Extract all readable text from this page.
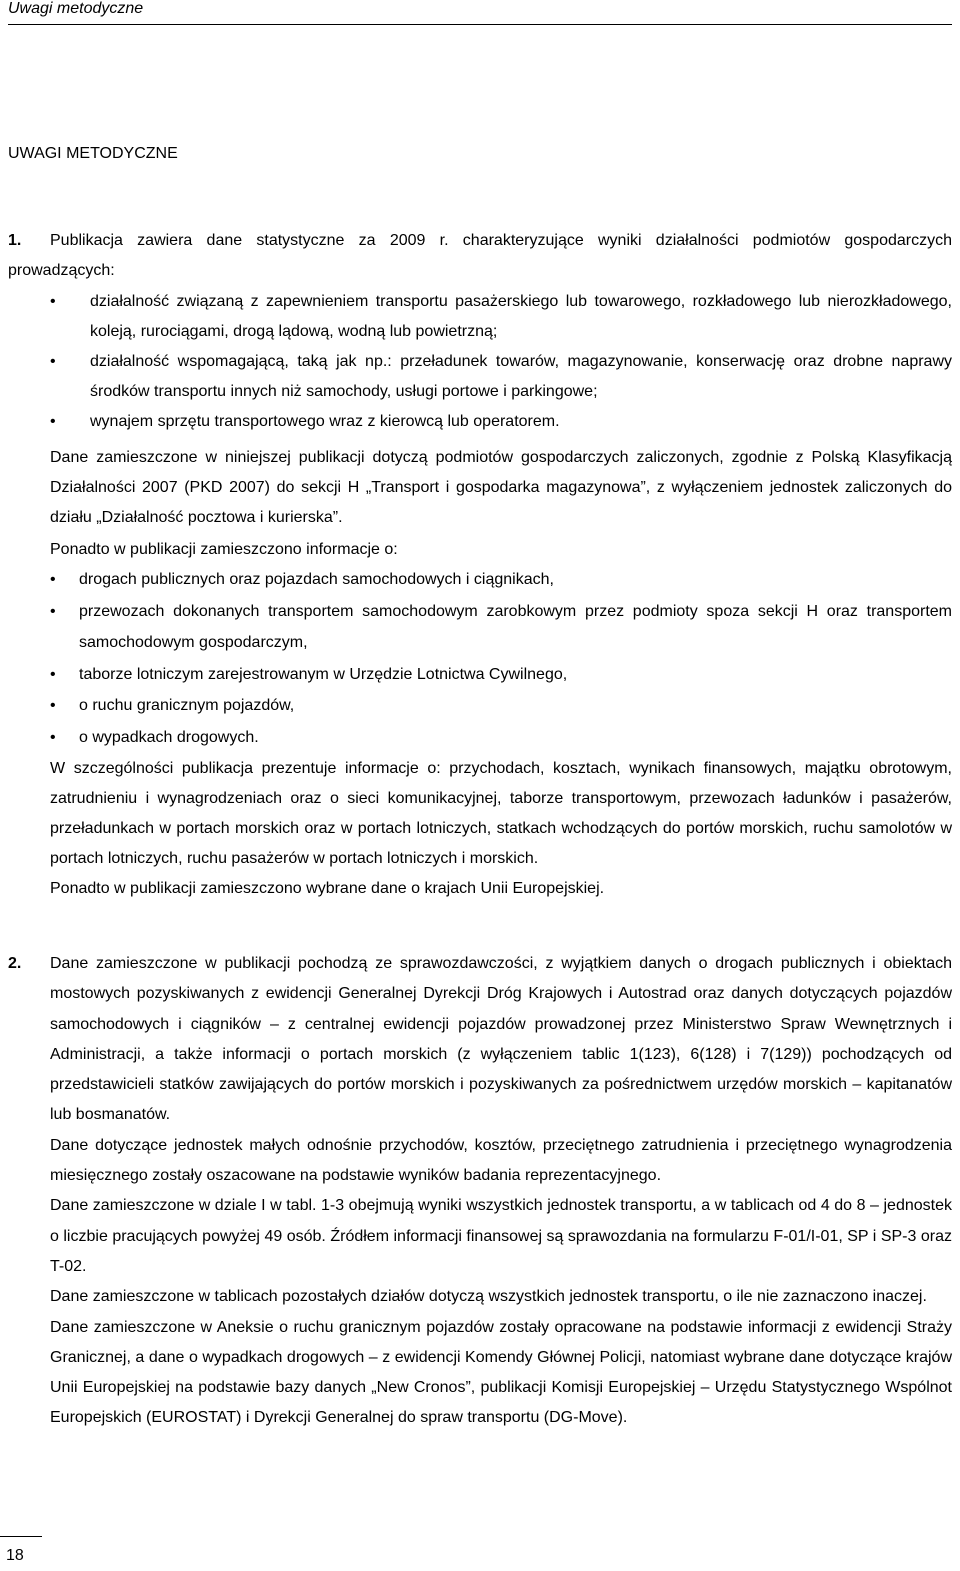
Uwagi metodyczne
UWAGI METODYCZNE
1.	Publikacja zawiera dane statystyczne za 2009 r. charakteryzujące wyniki działalności podmiotów gospodarczych prowadzących:

• działalność związaną z zapewnieniem transportu pasażerskiego lub towarowego, rozkładowego lub nierozkładowego, koleją, rurociągami, drogą lądową, wodną lub powietrzną;

• działalność wspomagającą, taką jak np.: przeładunek towarów, magazynowanie, konserwację oraz drobne naprawy środków transportu innych niż samochody, usługi portowe i parkingowe;

• wynajem sprzętu transportowego wraz z kierowcą lub operatorem.

Dane zamieszczone w niniejszej publikacji dotyczą podmiotów gospodarczych zaliczonych, zgodnie z Polską Klasyfikacją Działalności 2007 (PKD 2007) do sekcji H „Transport i gospodarka magazynowa”, z wyłączeniem jednostek zaliczonych do działu „Działalność pocztowa i kurierska”.

Ponadto w publikacji zamieszczono informacje o:

• drogach publicznych oraz pojazdach samochodowych i ciągnikach,

• przewozach dokonanych transportem samochodowym zarobkowym przez podmioty spoza sekcji H oraz transportem samochodowym gospodarczym,

• taborze lotniczym zarejestrowanym w Urzędzie Lotnictwa Cywilnego,

• o ruchu granicznym pojazdów,

• o wypadkach drogowych.

W szczególności publikacja prezentuje informacje o: przychodach, kosztach, wynikach finansowych, majątku obrotowym, zatrudnieniu i wynagrodzeniach oraz o sieci komunikacyjnej, taborze transportowym, przewozach ładunków i pasażerów, przeładunkach w portach morskich oraz w portach lotniczych, statkach wchodzących do portów morskich, ruchu samolotów w portach lotniczych, ruchu pasażerów w portach lotniczych i morskich.

Ponadto w publikacji zamieszczono wybrane dane o krajach Unii Europejskiej.

2. Dane zamieszczone w publikacji pochodzą ze sprawozdawczości, z wyjątkiem danych o drogach publicznych i obiektach mostowych pozyskiwanych z ewidencji Generalnej Dyrekcji Dróg Krajowych i Autostrad oraz danych dotyczących pojazdów samochodowych i ciągników – z centralnej ewidencji pojazdów prowadzonej przez Ministerstwo Spraw Wewnętrznych i Administracji, a także informacji o portach morskich (z wyłączeniem tablic 1(123), 6(128) i 7(129)) pochodzących od przedstawicieli statków zawijających do portów morskich i pozyskiwanych za pośrednictwem urzędów morskich – kapitanatów lub bosmanatów.

Dane dotyczące jednostek małych odnośnie przychodów, kosztów, przeciętnego zatrudnienia i przeciętnego wynagrodzenia miesięcznego zostały oszacowane na podstawie wyników badania reprezentacyjnego.

Dane zamieszczone w dziale I w tabl. 1-3 obejmują wyniki wszystkich jednostek transportu, a w tablicach od 4 do 8 – jednostek o liczbie pracujących powyżej 49 osób. Źródłem informacji finansowej są sprawozdania na formularzu F-01/I-01, SP i SP-3 oraz T-02.

Dane zamieszczone w tablicach pozostałych działów dotyczą wszystkich jednostek transportu, o ile nie zaznaczono inaczej.

Dane zamieszczone w Aneksie o ruchu granicznym pojazdów zostały opracowane na podstawie informacji z ewidencji Straży Granicznej, a dane o wypadkach drogowych – z ewidencji Komendy Głównej Policji, natomiast wybrane dane dotyczące krajów Unii Europejskiej na podstawie bazy danych „New Cronos”, publikacji Komisji Europejskiej – Urzędu Statystycznego Wspólnot Europejskich (EUROSTAT) i Dyrekcji Generalnej do spraw transportu (DG-Move).

18
